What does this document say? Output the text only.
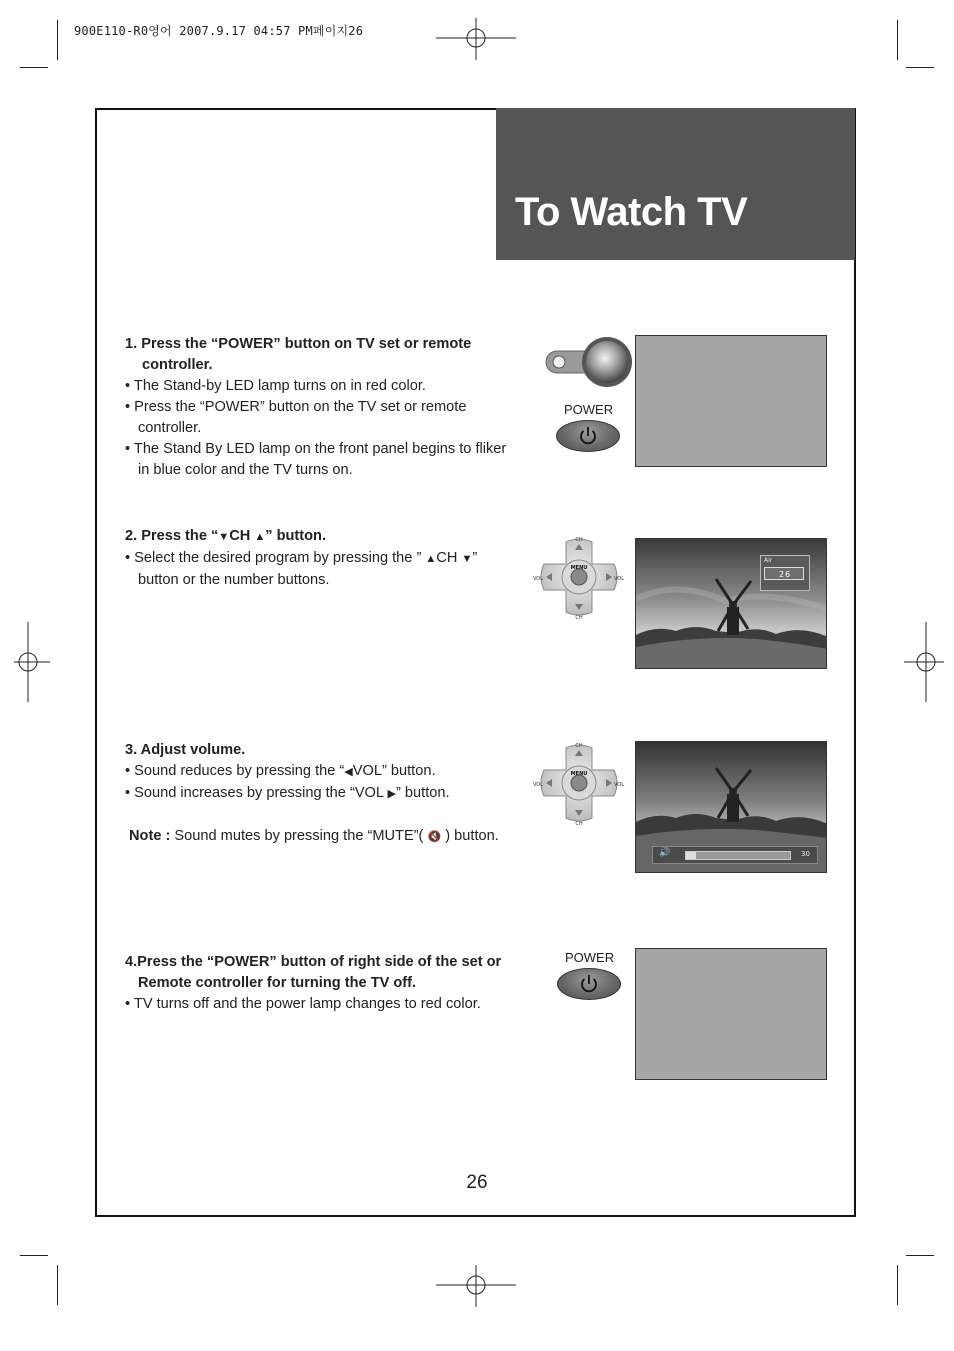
900E110-R0영어 2007.9.17 04:57 PM페이지26
To Watch TV
1. Press the “POWER” button on TV set or remote
controller.
• The Stand-by LED lamp turns on in red color.
• Press the “POWER” button on the TV set or remote
controller.
• The Stand By LED lamp on the front panel begins to fliker
in blue color and the TV turns on.
POWER
2. Press the “▼CH ▲” button.
• Select the desired program by pressing the ” ▲CH ▼”
button or the number buttons.
CH
CH
VOL	VOL
MENU
Air
26
3. Adjust volume.
• Sound reduces by pressing the “◀VOL” button.
• Sound increases by pressing the “VOL ▶” button.
Note : Sound mutes by pressing the “MUTE”( 🔇 ) button.
CH
CH
VOL	VOL
MENU
🔊	30
4.Press the “POWER” button of right side of the set or
Remote controller for turning the TV off.
• TV turns off and the power lamp changes to red color.
POWER
26
